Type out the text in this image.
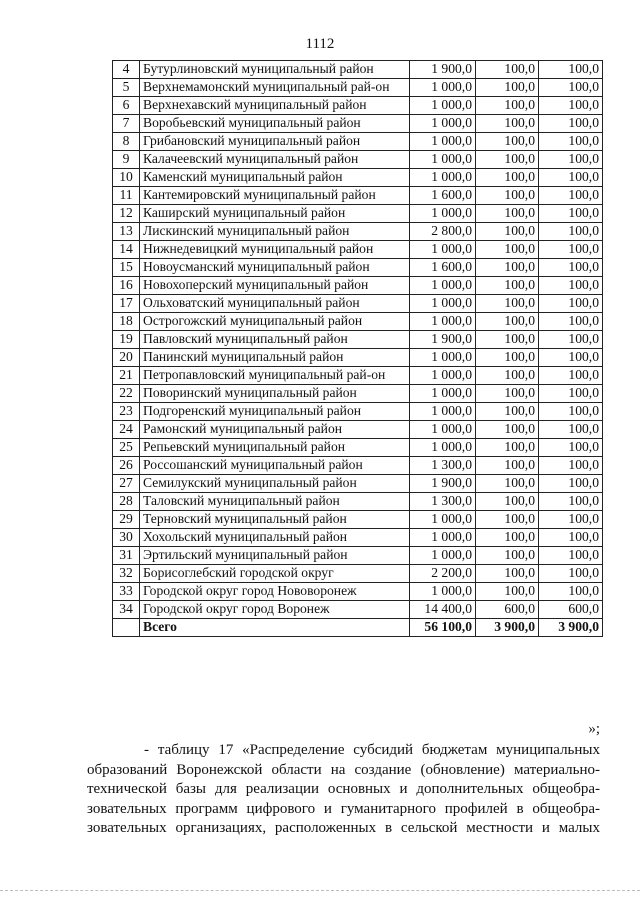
1112
4	Бутурлиновский муниципальный район	1 900,0	100,0	100,0
5	Верхнемамонский муниципальный рай-он	1 000,0	100,0	100,0
6	Верхнехавский муниципальный район	1 000,0	100,0	100,0
7	Воробьевский муниципальный район	1 000,0	100,0	100,0
8	Грибановский муниципальный район	1 000,0	100,0	100,0
9	Калачеевский муниципальный район	1 000,0	100,0	100,0
10	Каменский муниципальный район	1 000,0	100,0	100,0
11	Кантемировский муниципальный район	1 600,0	100,0	100,0
12	Каширский муниципальный район	1 000,0	100,0	100,0
13	Лискинский муниципальный район	2 800,0	100,0	100,0
14	Нижнедевицкий муниципальный район	1 000,0	100,0	100,0
15	Новоусманский муниципальный район	1 600,0	100,0	100,0
16	Новохоперский муниципальный район	1 000,0	100,0	100,0
17	Ольховатский муниципальный район	1 000,0	100,0	100,0
18	Острогожский муниципальный район	1 000,0	100,0	100,0
19	Павловский муниципальный район	1 900,0	100,0	100,0
20	Панинский муниципальный район	1 000,0	100,0	100,0
21	Петропавловский муниципальный рай-он	1 000,0	100,0	100,0
22	Поворинский муниципальный район	1 000,0	100,0	100,0
23	Подгоренский муниципальный район	1 000,0	100,0	100,0
24	Рамонский муниципальный район	1 000,0	100,0	100,0
25	Репьевский муниципальный район	1 000,0	100,0	100,0
26	Россошанский муниципальный район	1 300,0	100,0	100,0
27	Семилукский муниципальный район	1 900,0	100,0	100,0
28	Таловский муниципальный район	1 300,0	100,0	100,0
29	Терновский муниципальный район	1 000,0	100,0	100,0
30	Хохольский муниципальный район	1 000,0	100,0	100,0
31	Эртильский муниципальный район	1 000,0	100,0	100,0
32	Борисоглебский городской округ	2 200,0	100,0	100,0
33	Городской округ город Нововоронеж	1 000,0	100,0	100,0
34	Городской округ город Воронеж	14 400,0	600,0	600,0
	Всего	56 100,0	3 900,0	3 900,0
»;

- таблицу 17 «Распределение субсидий бюджетам муниципальных
образований Воронежской области на создание (обновление) материально-
технической базы для реализации основных и дополнительных общеобра-
зовательных программ цифрового и гуманитарного профилей в общеобра-
зовательных организациях, расположенных в сельской местности и малых
